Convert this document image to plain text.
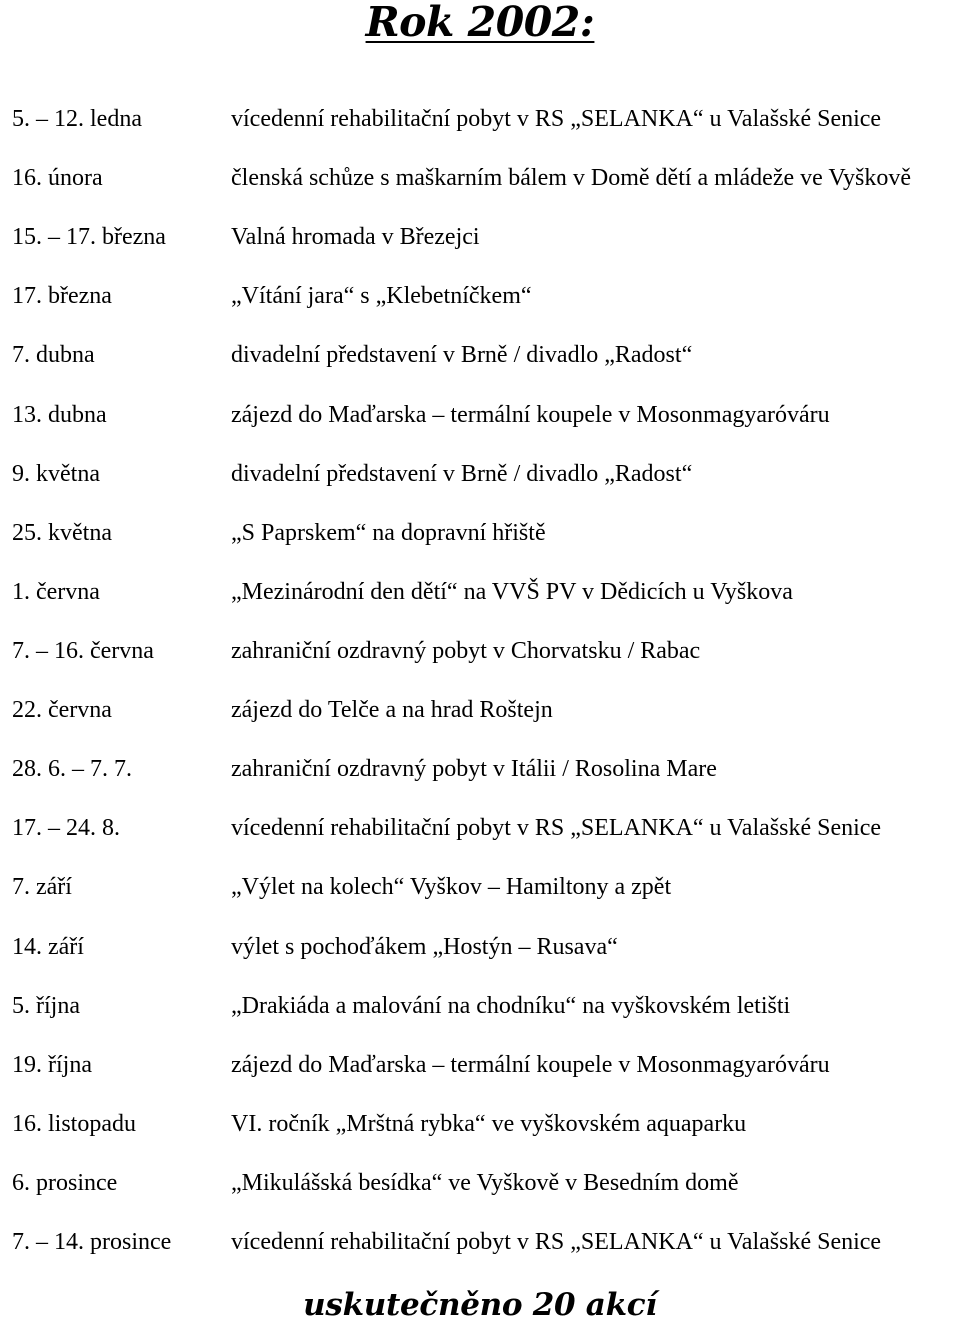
Rok 2002:
5. – 12. ledna	vícedenní rehabilitační pobyt v RS „SELANKA“ u Valašské Senice
16. února	členská schůze s maškarním bálem v Domě dětí a mládeže ve Vyškově
15. – 17. března	Valná hromada v Březejci
17. března	„Vítání jara“ s „Klebetníčkem“
7. dubna	divadelní představení v Brně / divadlo „Radost“
13. dubna	zájezd do Maďarska – termální koupele v Mosonmagyaróváru
9. května	divadelní představení v Brně / divadlo „Radost“
25. května	„S Paprskem“ na dopravní hřiště
1. června	„Mezinárodní den dětí“ na VVŠ PV v Dědicích u Vyškova
7. – 16. června	zahraniční ozdravný pobyt v Chorvatsku / Rabac
22. června	zájezd do Telče a na hrad Roštejn
28. 6. – 7. 7.	zahraniční ozdravný pobyt v Itálii / Rosolina Mare
17. – 24. 8.	vícedenní rehabilitační pobyt v RS „SELANKA“ u Valašské Senice
7. září	„Výlet na kolech“ Vyškov – Hamiltony a zpět
14. září	výlet s pochoďákem „Hostýn – Rusava“
5. října	„Drakiáda a malování na chodníku“ na vyškovském letišti
19. října	zájezd do Maďarska – termální koupele v Mosonmagyaróváru
16. listopadu	VI. ročník „Mrštná rybka“ ve vyškovském aquaparku
6. prosince	„Mikulášská besídka“ ve Vyškově v Besedním domě
7. – 14. prosince vícedenní rehabilitační pobyt v RS „SELANKA“ u Valašské Senice
uskutečněno 20 akcí
